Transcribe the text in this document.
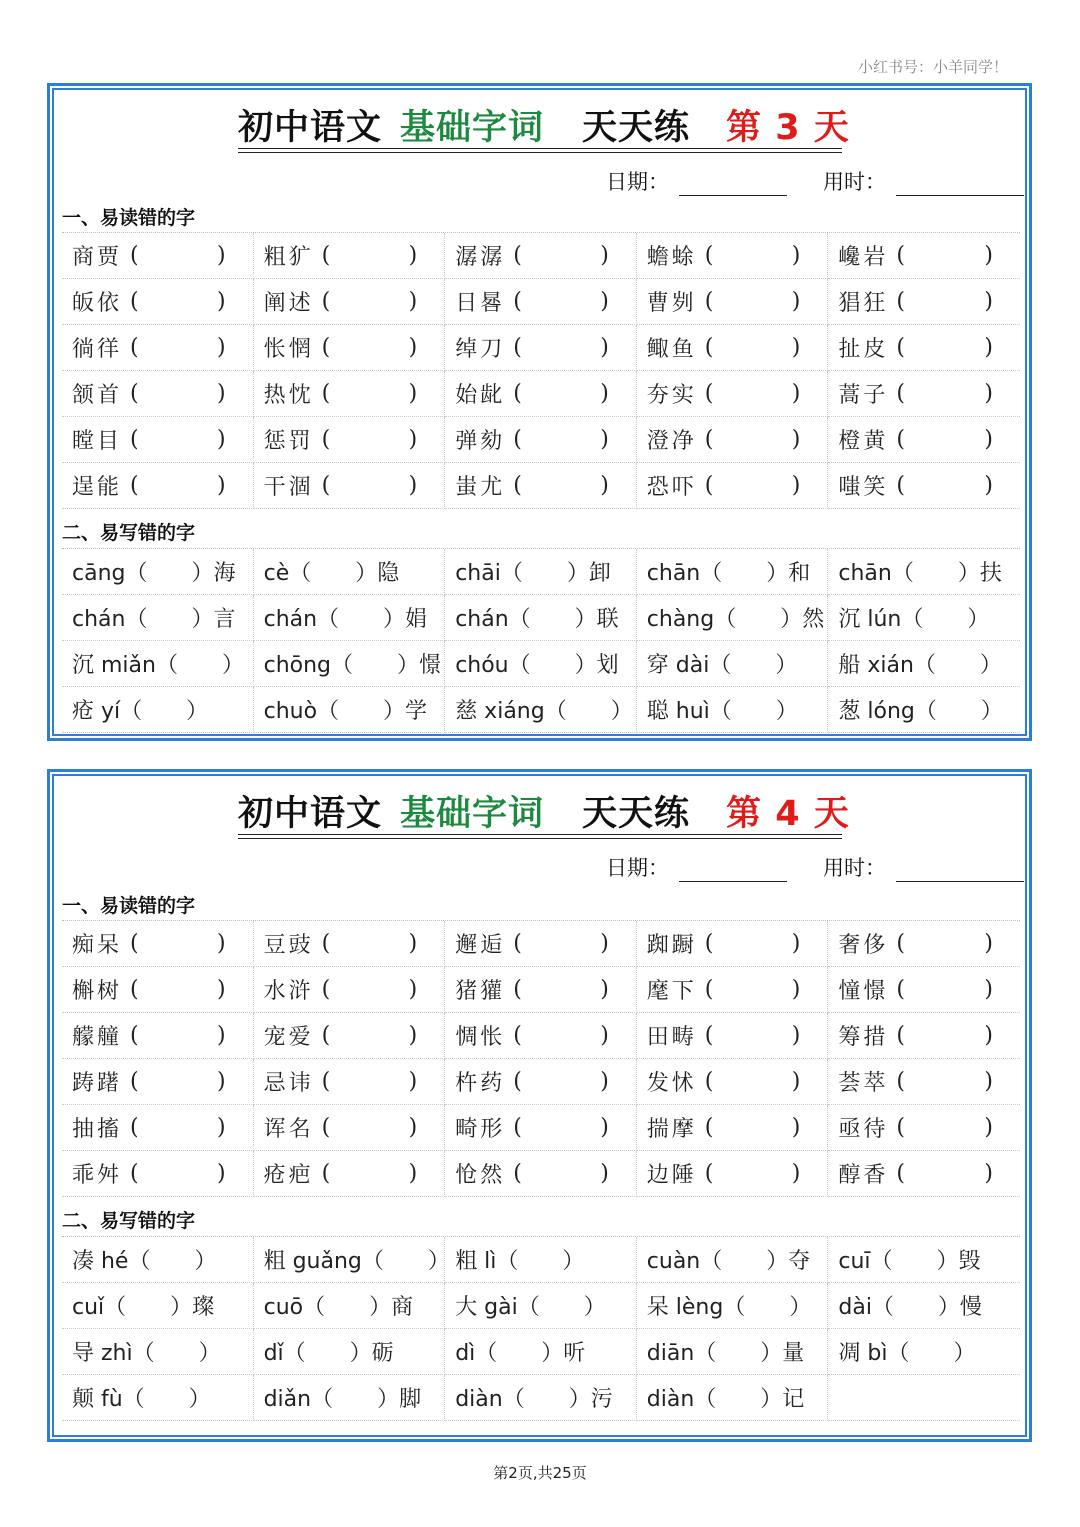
小红书号：小羊同学！
初中语文 基础字词 天天练 第 3 天
日期：	用时：
一、易读错的字
商贾 (	) 粗犷 (	) 潺潺 (	) 蟾蜍 (	) 巉岩 (	)
皈依 (	) 阐述 (	) 日晷 (	) 曹刿 (	) 猖狂 (	)
徜徉 (	) 怅惘 (	) 绰刀 (	) 鲰鱼 (	) 扯皮 (	)
颔首 (	) 热忱 (	) 始龀 (	) 夯实 (	) 蒿子 (	)
瞠目 (	) 惩罚 (	) 弹劾 (	) 澄净 (	) 橙黄 (	)
逞能 (	) 干涸 (	) 蚩尤 (	) 恐吓 (	) 嗤笑 (	)
二、易写错的字
cāng（　　）海 cè（　　）隐	chāi（　　）卸 chān（　　）和 chān（　　）扶
chán（　　）言 chán（　　）娟 chán（　　）联 chàng（　　）然 沉 lún（　　）
沉 miǎn（　　） chōng（　　）憬 chóu（　　）划 穿 dài（　　） 船 xián（　　）
疮 yí（　　）	chuò（　　）学 慈 xiáng（　　） 聪 huì（　　） 葱 lóng（　　）
初中语文 基础字词 天天练 第 4 天
日期：	用时：
一、易读错的字
痴呆 (	) 豆豉 (	) 邂逅 (	) 踟蹰 (	) 奢侈 (	)
槲树 (	) 水浒 (	) 猪獾 (	) 麾下 (	) 憧憬 (	)
艨艟 (	) 宠爱 (	) 惆怅 (	) 田畴 (	) 筹措 (	)
踌躇 (	) 忌讳 (	) 杵药 (	) 发怵 (	) 荟萃 (	)
抽搐 (	) 诨名 (	) 畸形 (	) 揣摩 (	) 亟待 (	)
乖舛 (	) 疮疤 (	) 怆然 (	) 边陲 (	) 醇香 (	)
二、易写错的字
凑 hé（　　） 粗 guǎng（　　） 粗 lì（　　）	cuàn（　　）夺 cuī（　　）毁
cuǐ（　　）璨 cuō（　　）商 大 gài（　　） 呆 lèng（　　） dài（　　）慢
导 zhì（　　） dǐ（　　）砺	dì（　　）听	diān（　　）量 凋 bì（　　）
颠 fù（　　） diǎn（　　）脚 diàn（　　）污 diàn（　　）记
第2页,共25页
